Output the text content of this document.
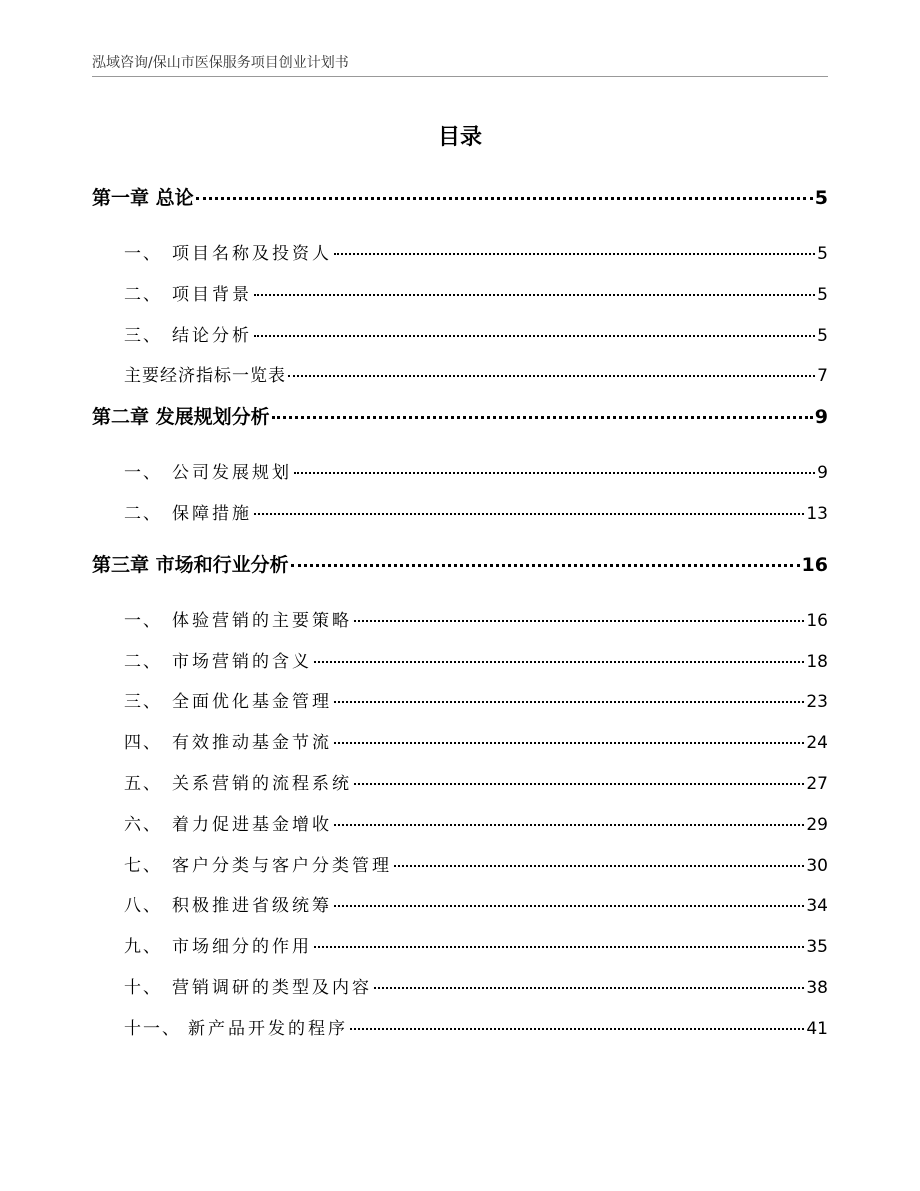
泓域咨询/保山市医保服务项目创业计划书
目录
第一章 总论	5
一、 项目名称及投资人	5
二、 项目背景	5
三、 结论分析	5
主要经济指标一览表	7
第二章 发展规划分析	9
一、 公司发展规划	9
二、 保障措施	13
第三章 市场和行业分析	16
一、 体验营销的主要策略	16
二、 市场营销的含义	18
三、 全面优化基金管理	23
四、 有效推动基金节流	24
五、 关系营销的流程系统	27
六、 着力促进基金增收	29
七、 客户分类与客户分类管理	30
八、 积极推进省级统筹	34
九、 市场细分的作用	35
十、 营销调研的类型及内容	38
十一、 新产品开发的程序	41
